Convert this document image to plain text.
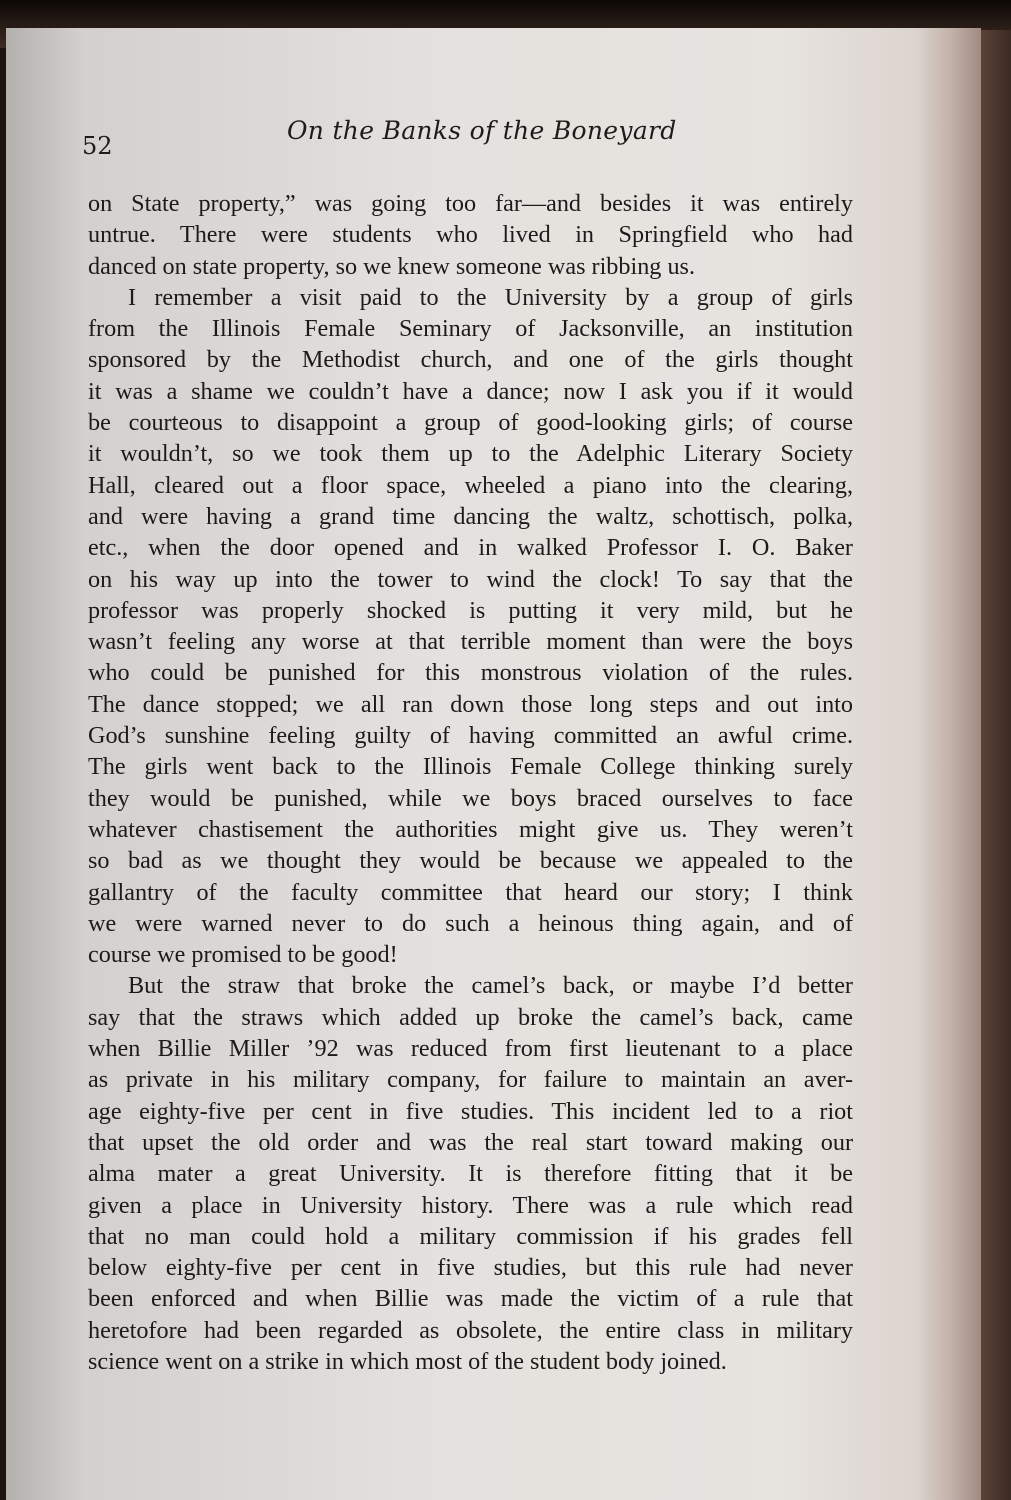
52
On the Banks of the Boneyard
on State property,” was going too far—and besides it was entirely
untrue. There were students who lived in Springfield who had
danced on state property, so we knew someone was ribbing us.
I remember a visit paid to the University by a group of girls
from the Illinois Female Seminary of Jacksonville, an institution
sponsored by the Methodist church, and one of the girls thought
it was a shame we couldn’t have a dance; now I ask you if it would
be courteous to disappoint a group of good-looking girls; of course
it wouldn’t, so we took them up to the Adelphic Literary Society
Hall, cleared out a floor space, wheeled a piano into the clearing,
and were having a grand time dancing the waltz, schottisch, polka,
etc., when the door opened and in walked Professor I. O. Baker
on his way up into the tower to wind the clock! To say that the
professor was properly shocked is putting it very mild, but he
wasn’t feeling any worse at that terrible moment than were the boys
who could be punished for this monstrous violation of the rules.
The dance stopped; we all ran down those long steps and out into
God’s sunshine feeling guilty of having committed an awful crime.
The girls went back to the Illinois Female College thinking surely
they would be punished, while we boys braced ourselves to face
whatever chastisement the authorities might give us. They weren’t
so bad as we thought they would be because we appealed to the
gallantry of the faculty committee that heard our story; I think
we were warned never to do such a heinous thing again, and of
course we promised to be good!
But the straw that broke the camel’s back, or maybe I’d better
say that the straws which added up broke the camel’s back, came
when Billie Miller ’92 was reduced from first lieutenant to a place
as private in his military company, for failure to maintain an aver-
age eighty-five per cent in five studies. This incident led to a riot
that upset the old order and was the real start toward making our
alma mater a great University. It is therefore fitting that it be
given a place in University history. There was a rule which read
that no man could hold a military commission if his grades fell
below eighty-five per cent in five studies, but this rule had never
been enforced and when Billie was made the victim of a rule that
heretofore had been regarded as obsolete, the entire class in military
science went on a strike in which most of the student body joined.
